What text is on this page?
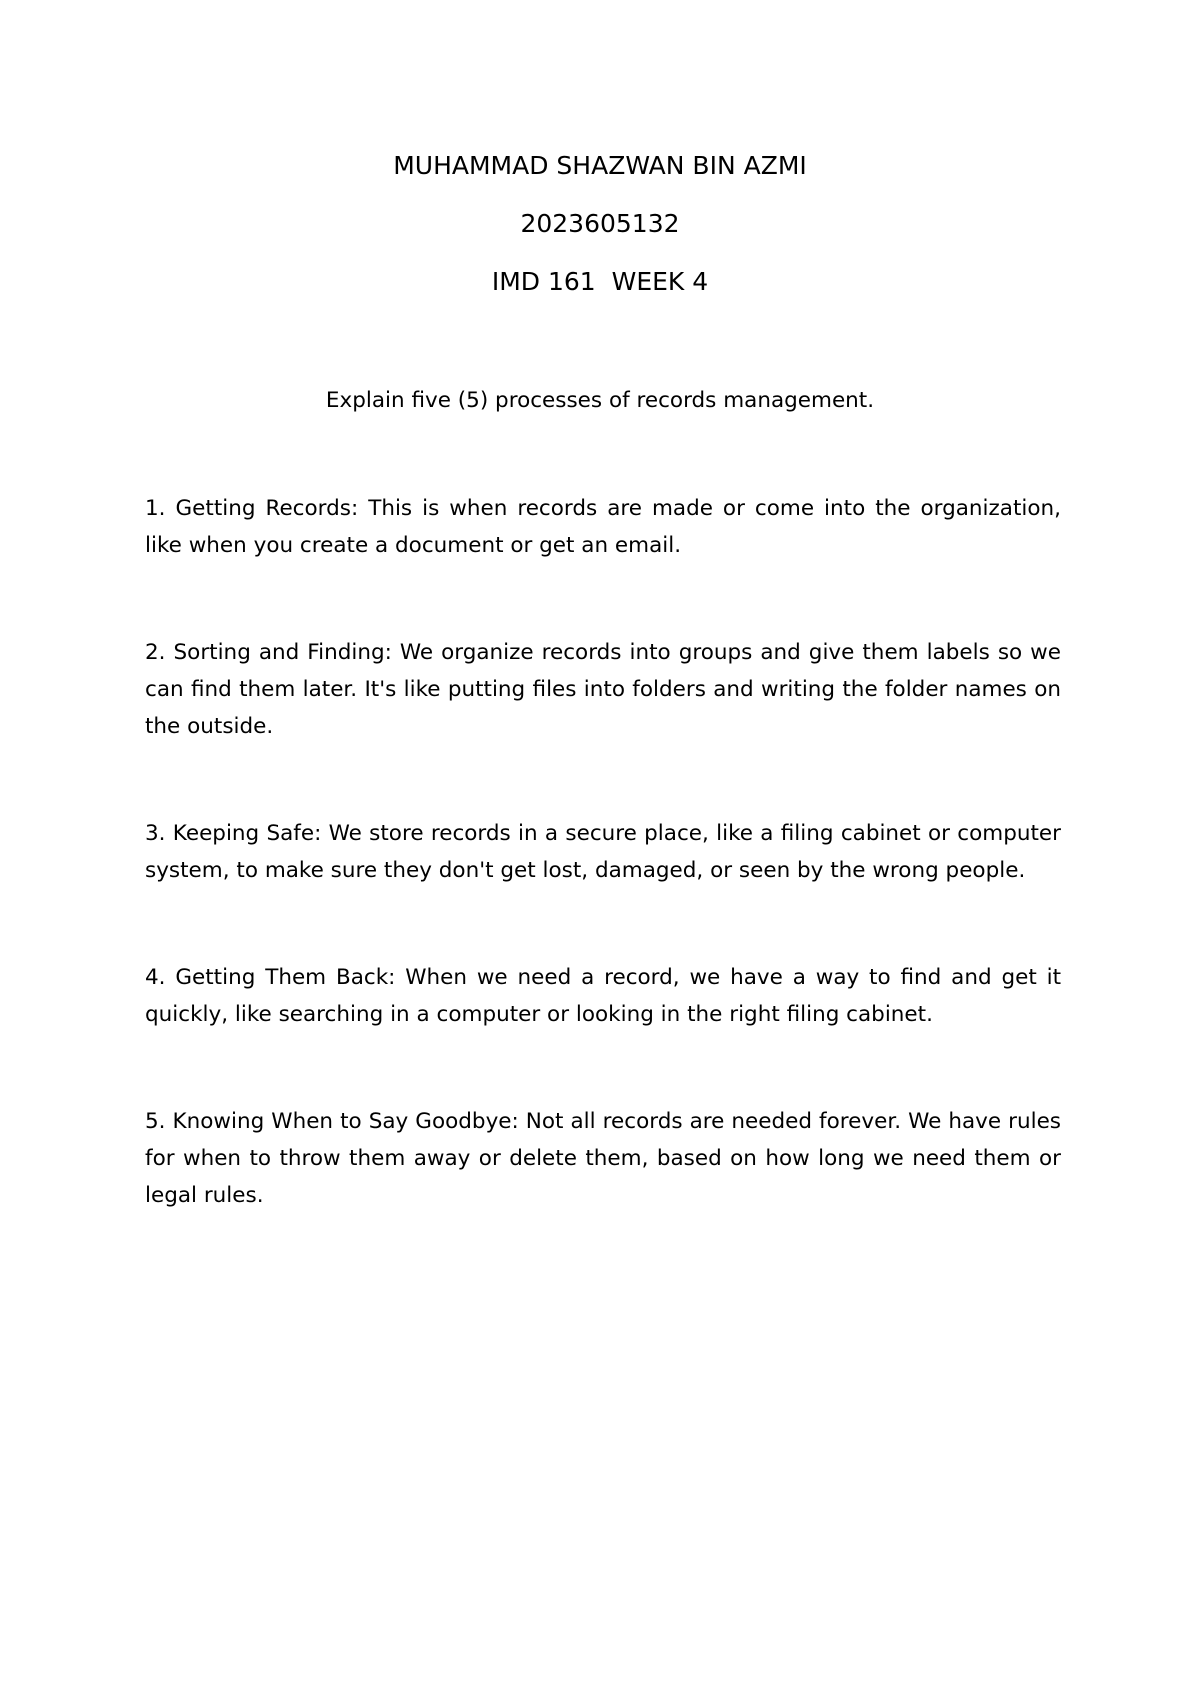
MUHAMMAD SHAZWAN BIN AZMI
2023605132
IMD 161  WEEK 4
Explain five (5) processes of records management.

1. Getting Records: This is when records are made or come into the organization, like when you create a document or get an email.

2. Sorting and Finding: We organize records into groups and give them labels so we can find them later. It's like putting files into folders and writing the folder names on the outside.

3. Keeping Safe: We store records in a secure place, like a filing cabinet or computer system, to make sure they don't get lost, damaged, or seen by the wrong people.

4. Getting Them Back: When we need a record, we have a way to find and get it quickly, like searching in a computer or looking in the right filing cabinet.

5. Knowing When to Say Goodbye: Not all records are needed forever. We have rules for when to throw them away or delete them, based on how long we need them or legal rules.
